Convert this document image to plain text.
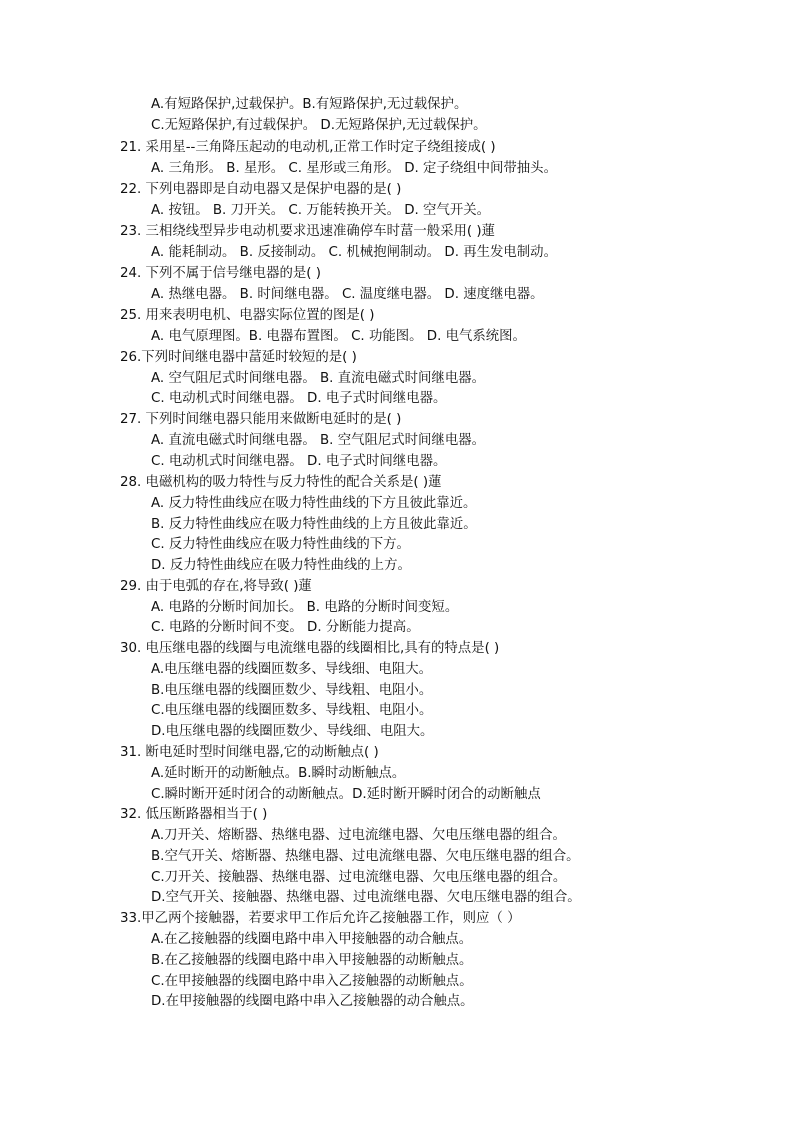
A.有短路保护,过载保护。B.有短路保护,无过载保护。
C.无短路保护,有过载保护。 D.无短路保护,无过载保护。
21. 采用星--三角降压起动的电动机,正常工作时定子绕组接成( )
A. 三角形。 B. 星形。 C. 星形或三角形。 D. 定子绕组中间带抽头。
22. 下列电器即是自动电器又是保护电器的是( )
A. 按钮。 B. 刀开关。 C. 万能转换开关。 D. 空气开关。
23. 三相绕线型异步电动机要求迅速准确停车时葍一般采用( )蓮
A. 能耗制动。 B. 反接制动。 C. 机械抱闸制动。 D. 再生发电制动。
24. 下列不属于信号继电器的是( )
A. 热继电器。 B. 时间继电器。 C. 温度继电器。 D. 速度继电器。
25. 用来表明电机、电器实际位置的图是( )
A. 电气原理图。B. 电器布置图。 C. 功能图。 D. 电气系统图。
26.下列时间继电器中葍延时较短的是( )
A. 空气阻尼式时间继电器。 B. 直流电磁式时间继电器。
C. 电动机式时间继电器。 D. 电子式时间继电器。
27. 下列时间继电器只能用来做断电延时的是( )
A. 直流电磁式时间继电器。 B. 空气阻尼式时间继电器。
C. 电动机式时间继电器。 D. 电子式时间继电器。
28. 电磁机构的吸力特性与反力特性的配合关系是( )蓮
A. 反力特性曲线应在吸力特性曲线的下方且彼此靠近。
B. 反力特性曲线应在吸力特性曲线的上方且彼此靠近。
C. 反力特性曲线应在吸力特性曲线的下方。
D. 反力特性曲线应在吸力特性曲线的上方。
29. 由于电弧的存在,将导致( )蓮
A. 电路的分断时间加长。 B. 电路的分断时间变短。
C. 电路的分断时间不变。 D. 分断能力提高。
30. 电压继电器的线圈与电流继电器的线圈相比,具有的特点是( )
A.电压继电器的线圈匝数多、导线细、电阻大。
B.电压继电器的线圈匝数少、导线粗、电阻小。
C.电压继电器的线圈匝数多、导线粗、电阻小。
D.电压继电器的线圈匝数少、导线细、电阻大。
31. 断电延时型时间继电器,它的动断触点( )
A.延时断开的动断触点。B.瞬时动断触点。
C.瞬时断开延时闭合的动断触点。D.延时断开瞬时闭合的动断触点
32. 低压断路器相当于( )
A.刀开关、熔断器、热继电器、过电流继电器、欠电压继电器的组合。
B.空气开关、熔断器、热继电器、过电流继电器、欠电压继电器的组合。
C.刀开关、接触器、热继电器、过电流继电器、欠电压继电器的组合。
D.空气开关、接触器、热继电器、过电流继电器、欠电压继电器的组合。
33.甲乙两个接触器，若要求甲工作后允许乙接触器工作，则应（ ）
A.在乙接触器的线圈电路中串入甲接触器的动合触点。
B.在乙接触器的线圈电路中串入甲接触器的动断触点。
C.在甲接触器的线圈电路中串入乙接触器的动断触点。
D.在甲接触器的线圈电路中串入乙接触器的动合触点。
